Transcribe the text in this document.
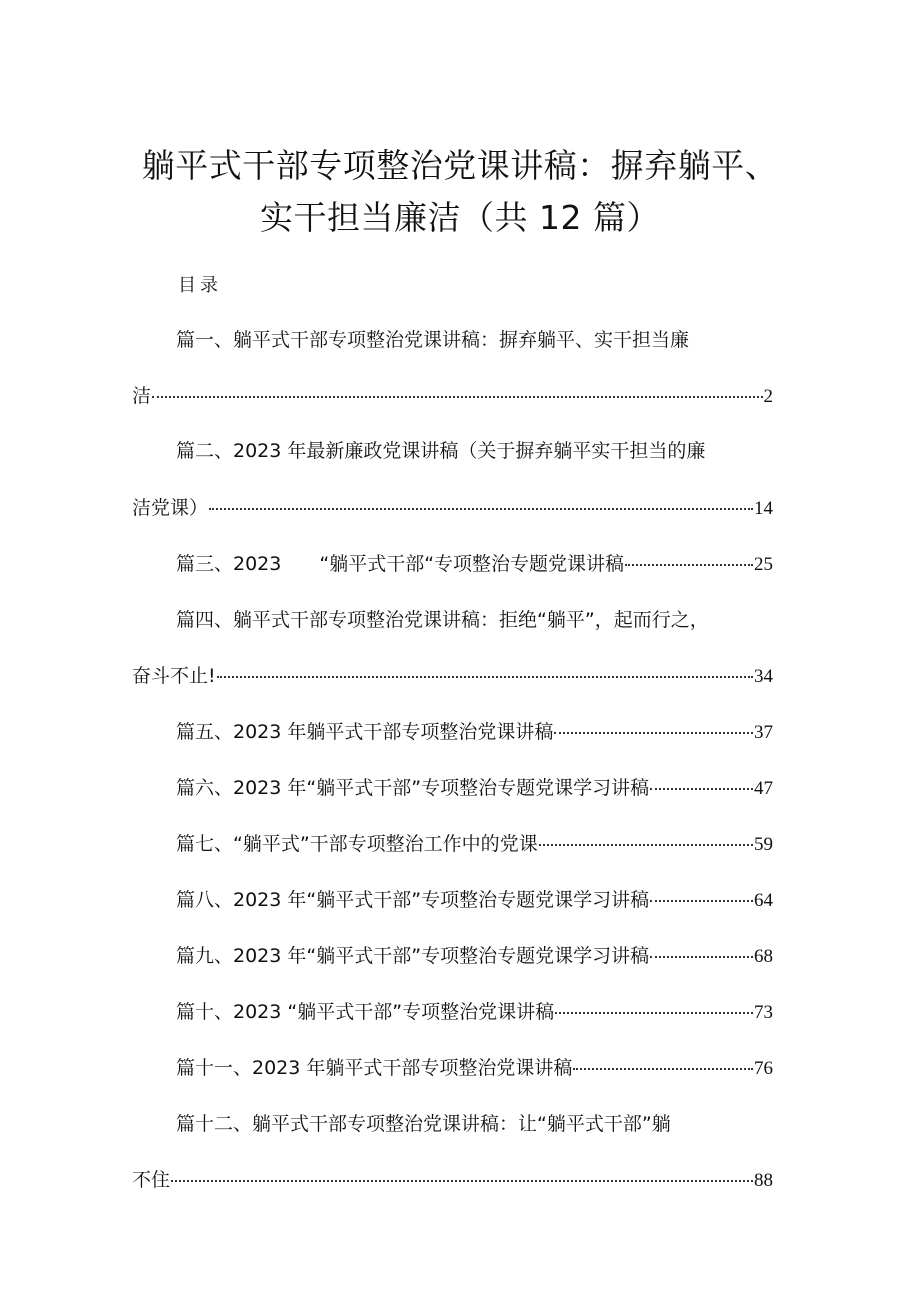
躺平式干部专项整治党课讲稿：摒弃躺平、
实干担当廉洁（共 12 篇）
目录
篇一、躺平式干部专项整治党课讲稿：摒弃躺平、实干担当廉
洁	2
篇二、2023 年最新廉政党课讲稿（关于摒弃躺平实干担当的廉
洁党课）	14
篇三、2023　　“躺平式干部“专项整治专题党课讲稿	25
篇四、躺平式干部专项整治党课讲稿：拒绝“躺平”，起而行之，
奋斗不止!	34
篇五、2023 年躺平式干部专项整治党课讲稿	37
篇六、2023 年“躺平式干部”专项整治专题党课学习讲稿	47
篇七、“躺平式”干部专项整治工作中的党课	59
篇八、2023 年“躺平式干部”专项整治专题党课学习讲稿	64
篇九、2023 年“躺平式干部”专项整治专题党课学习讲稿	68
篇十、2023 “躺平式干部”专项整治党课讲稿	73
篇十一、2023 年躺平式干部专项整治党课讲稿	76
篇十二、躺平式干部专项整治党课讲稿：让“躺平式干部”躺
不住	88
